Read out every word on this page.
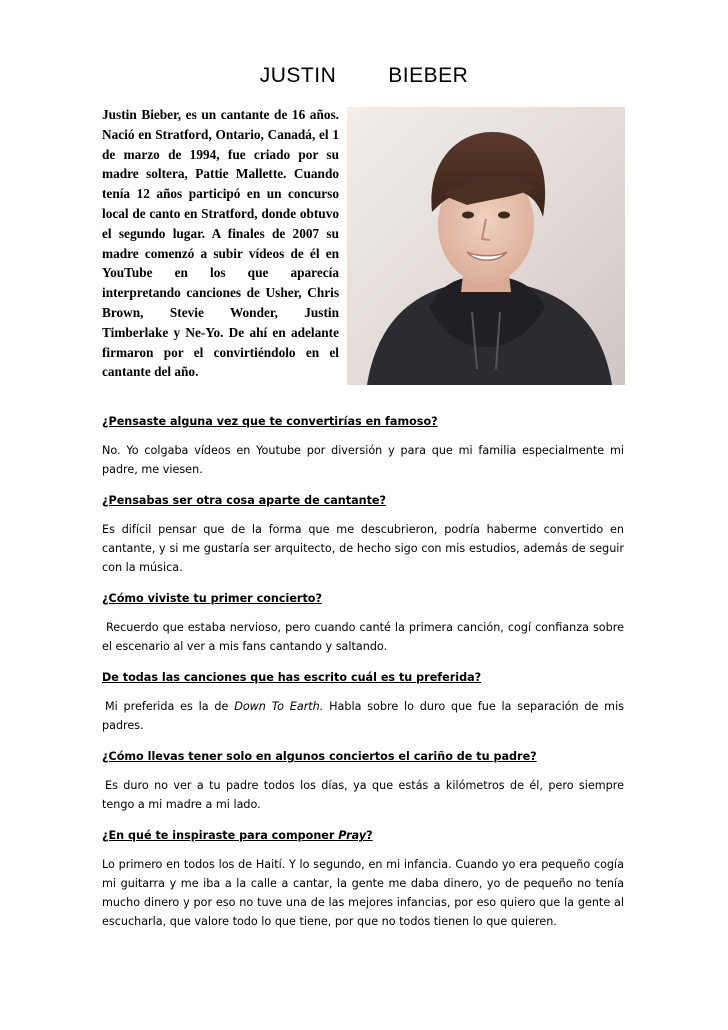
JUSTIN BIEBER
Justin Bieber, es un cantante de 16 años. Nació en Stratford, Ontario, Canadá, el 1 de marzo de 1994, fue criado por su madre soltera, Pattie Mallette. Cuando tenía 12 años participó en un concurso local de canto en Stratford, donde obtuvo el segundo lugar. A finales de 2007 su madre comenzó a subir vídeos de él en YouTube en los que aparecía interpretando canciones de Usher, Chris Brown, Stevie Wonder, Justin Timberlake y Ne-Yo. De ahí en adelante firmaron por el convirtiéndolo en el cantante del año.
¿Pensaste alguna vez que te convertirías en famoso?
No. Yo colgaba vídeos en Youtube por diversión y para que mi familia especialmente mi padre, me viesen.
¿Pensabas ser otra cosa aparte de cantante?
Es difícil pensar que de la forma que me descubrieron, podría haberme convertido en cantante, y si me gustaría ser arquitecto, de hecho sigo con mis estudios, además de seguir con la música.
¿Cómo viviste tu primer concierto?
Recuerdo que estaba nervioso, pero cuando canté la primera canción, cogí confianza sobre el escenario al ver a mis fans cantando y saltando.
De todas las canciones que has escrito cuál es tu preferida?
Mi preferida es la de Down To Earth. Habla sobre lo duro que fue la separación de mis padres.
¿Cómo llevas tener solo en algunos conciertos el cariño de tu padre?
Es duro no ver a tu padre todos los días, ya que estás a kilómetros de él, pero siempre tengo a mi madre a mi lado.
¿En qué te inspiraste para componer Pray?
Lo primero en todos los de Haití. Y lo segundo, en mi infancia. Cuando yo era pequeño cogía mi guitarra y me iba a la calle a cantar, la gente me daba dinero, yo de pequeño no tenía mucho dinero y por eso no tuve una de las mejores infancias, por eso quiero que la gente al escucharla, que valore todo lo que tiene, por que no todos tienen lo que quieren.
